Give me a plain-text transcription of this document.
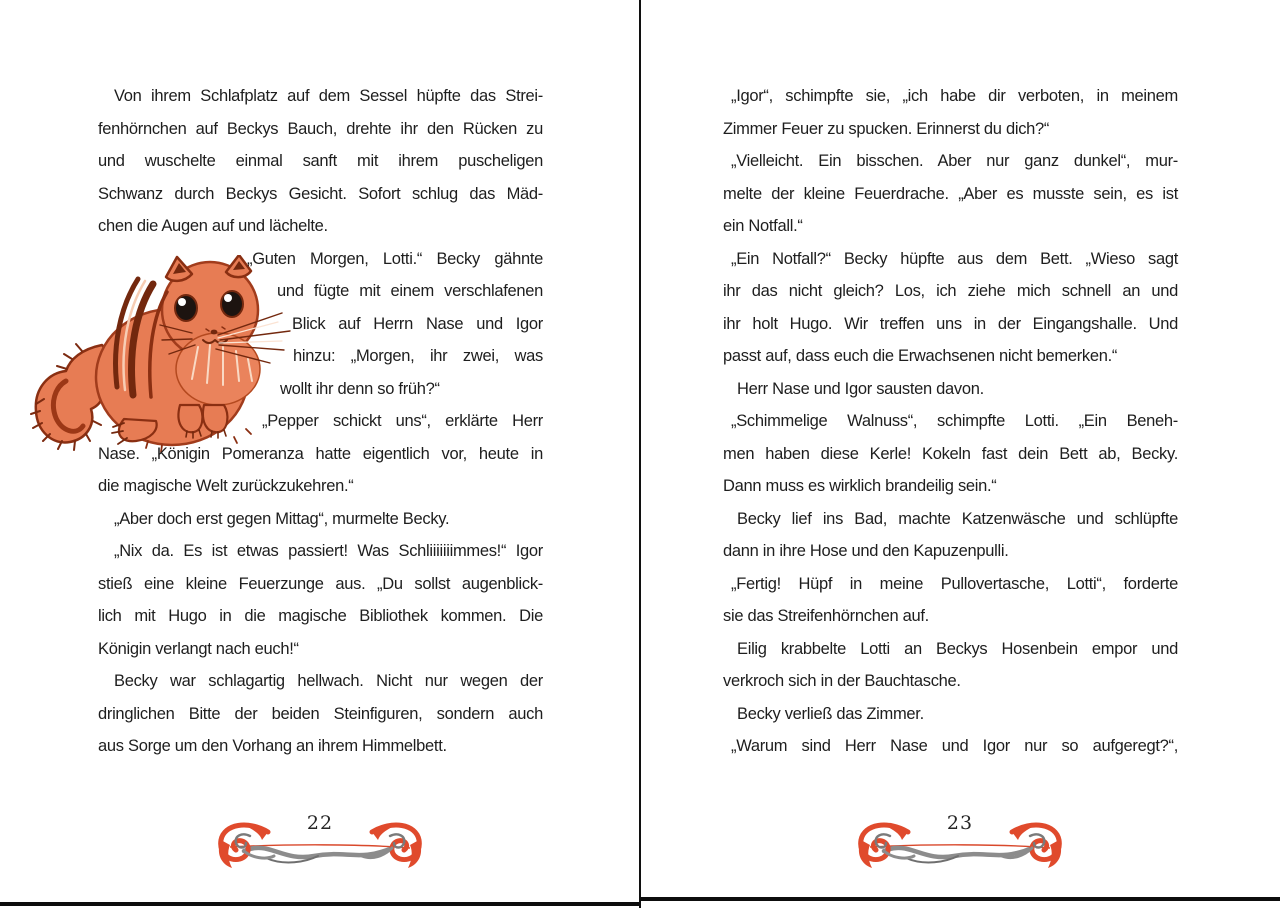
Von ihrem Schlafplatz auf dem Sessel hüpfte das Strei-
fenhörnchen auf Beckys Bauch, drehte ihr den Rücken zu
und wuschelte einmal sanft mit ihrem puscheligen
Schwanz durch Beckys Gesicht. Sofort schlug das Mäd-
chen die Augen auf und lächelte.
„Guten Morgen, Lotti.“ Becky gähnte
und fügte mit einem verschlafenen
Blick auf Herrn Nase und Igor
hinzu: „Morgen, ihr zwei, was
wollt ihr denn so früh?“
„Pepper schickt uns“, erklärte Herr
Nase. „Königin Pomeranza hatte eigentlich vor, heute in
die magische Welt zurückzukehren.“
„Aber doch erst gegen Mittag“, murmelte Becky.
„Nix da. Es ist etwas passiert! Was Schliiiiiiimmes!“ Igor
stieß eine kleine Feuerzunge aus. „Du sollst augenblick-
lich mit Hugo in die magische Bibliothek kommen. Die
Königin verlangt nach euch!“
Becky war schlagartig hellwach. Nicht nur wegen der
dringlichen Bitte der beiden Steinfiguren, sondern auch
aus Sorge um den Vorhang an ihrem Himmelbett.
22
„Igor“, schimpfte sie, „ich habe dir verboten, in meinem
Zimmer Feuer zu spucken. Erinnerst du dich?“
„Vielleicht. Ein bisschen. Aber nur ganz dunkel“, mur-
melte der kleine Feuerdrache. „Aber es musste sein, es ist
ein Notfall.“
„Ein Notfall?“ Becky hüpfte aus dem Bett. „Wieso sagt
ihr das nicht gleich? Los, ich ziehe mich schnell an und
ihr holt Hugo. Wir treffen uns in der Eingangshalle. Und
passt auf, dass euch die Erwachsenen nicht bemerken.“
Herr Nase und Igor sausten davon.
„Schimmelige Walnuss“, schimpfte Lotti. „Ein Beneh-
men haben diese Kerle! Kokeln fast dein Bett ab, Becky.
Dann muss es wirklich brandeilig sein.“
Becky lief ins Bad, machte Katzenwäsche und schlüpfte
dann in ihre Hose und den Kapuzenpulli.
„Fertig! Hüpf in meine Pullovertasche, Lotti“, forderte
sie das Streifenhörnchen auf.
Eilig krabbelte Lotti an Beckys Hosenbein empor und
verkroch sich in der Bauchtasche.
Becky verließ das Zimmer.
„Warum sind Herr Nase und Igor nur so aufgeregt?“,
23
